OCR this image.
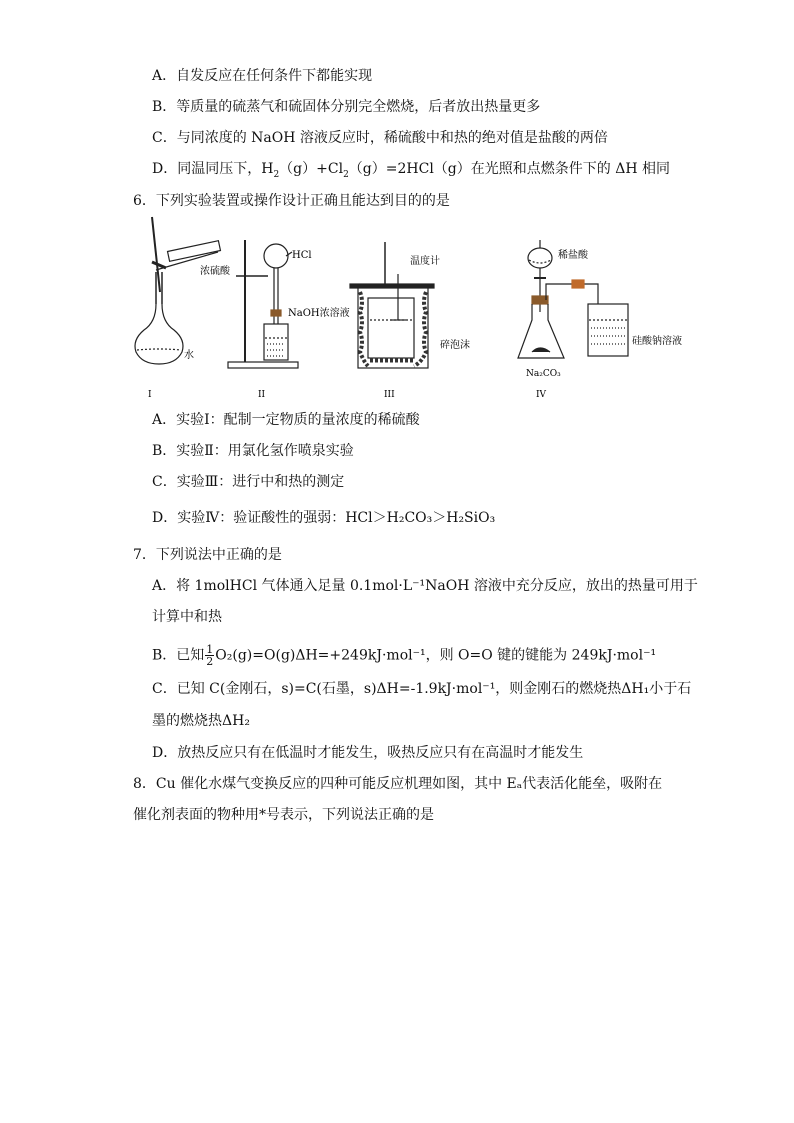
A．自发反应在任何条件下都能实现
B．等质量的硫蒸气和硫固体分别完全燃烧，后者放出热量更多
C．与同浓度的 NaOH 溶液反应时，稀硫酸中和热的绝对值是盐酸的两倍
D．同温同压下，$H_2(g)+Cl_2(g)=2HCl(g)$在光照和点燃条件下的 ΔH 相同
6．下列实验装置或操作设计正确且能达到目的的是
浓硫酸
水
HCl
NaOH浓溶液
温度计
碎泡沫
稀盐酸
Na₂CO₃
硅酸钠溶液
I	II	III	IV
A．实验Ⅰ：配制一定物质的量浓度的稀硫酸
B．实验Ⅱ：用氯化氢作喷泉实验
C．实验Ⅲ：进行中和热的测定
D．实验Ⅳ：验证酸性的强弱：HCl＞H₂CO₃＞H₂SiO₃
7．下列说法中正确的是
A．将 1molHCl 气体通入足量 0.1mol·L⁻¹NaOH 溶液中充分反应，放出的热量可用于
计算中和热
B．已知 $\frac{1}{2} O_2(g)=O(g)\Delta H=+249kJ\cdot mol^{-1}$，则 O=O 键的键能为 249kJ·mol⁻¹
C．已知 C(金刚石，s)=C(石墨，s)ΔH=-1.9kJ·mol⁻¹，则金刚石的燃烧热ΔH₁小于石
墨的燃烧热ΔH₂
D．放热反应只有在低温时才能发生，吸热反应只有在高温时才能发生
8．Cu 催化水煤气变换反应的四种可能反应机理如图，其中 Eₐ代表活化能垒，吸附在
催化剂表面的物种用*号表示，下列说法正确的是
